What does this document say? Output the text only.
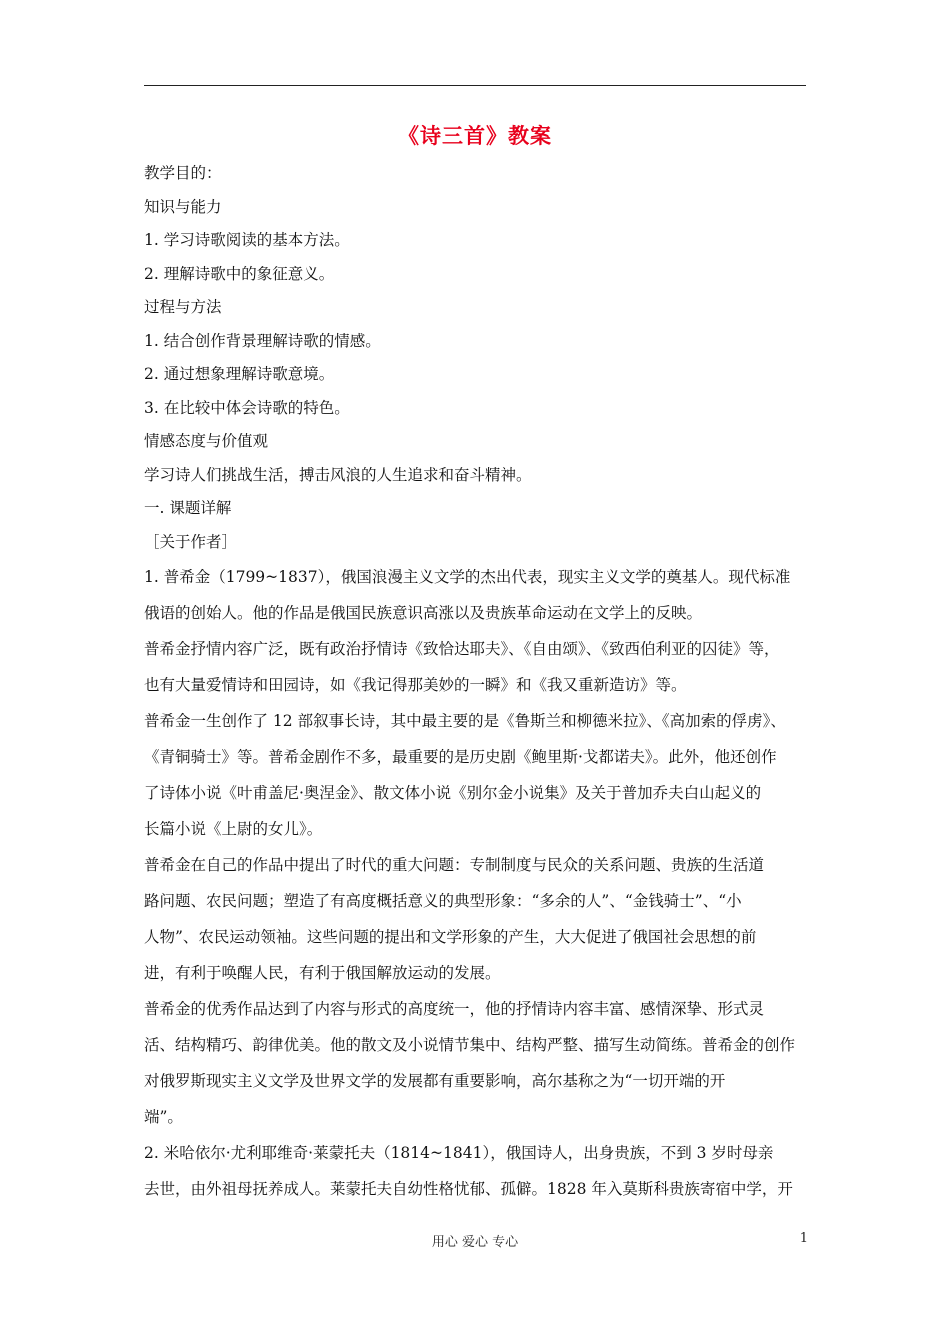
《诗三首》教案
教学目的：
知识与能力
1. 学习诗歌阅读的基本方法。
2. 理解诗歌中的象征意义。
过程与方法
1. 结合创作背景理解诗歌的情感。
2. 通过想象理解诗歌意境。
3. 在比较中体会诗歌的特色。
情感态度与价值观
学习诗人们挑战生活，搏击风浪的人生追求和奋斗精神。
一. 课题详解
［关于作者］
1. 普希金（1799~1837），俄国浪漫主义文学的杰出代表，现实主义文学的奠基人。现代标准
俄语的创始人。他的作品是俄国民族意识高涨以及贵族革命运动在文学上的反映。
普希金抒情内容广泛，既有政治抒情诗《致恰达耶夫》、《自由颂》、《致西伯利亚的囚徒》等，
也有大量爱情诗和田园诗，如《我记得那美妙的一瞬》和《我又重新造访》等。
普希金一生创作了 12 部叙事长诗，其中最主要的是《鲁斯兰和柳德米拉》、《高加索的俘虏》、
《青铜骑士》等。普希金剧作不多，最重要的是历史剧《鲍里斯·戈都诺夫》。此外，他还创作
了诗体小说《叶甫盖尼·奥涅金》、散文体小说《别尔金小说集》及关于普加乔夫白山起义的
长篇小说《上尉的女儿》。
普希金在自己的作品中提出了时代的重大问题：专制制度与民众的关系问题、贵族的生活道
路问题、农民问题；塑造了有高度概括意义的典型形象：“多余的人”、“金钱骑士”、“小
人物”、农民运动领袖。这些问题的提出和文学形象的产生，大大促进了俄国社会思想的前
进，有利于唤醒人民，有利于俄国解放运动的发展。
普希金的优秀作品达到了内容与形式的高度统一，他的抒情诗内容丰富、感情深挚、形式灵
活、结构精巧、韵律优美。他的散文及小说情节集中、结构严整、描写生动简练。普希金的创作
对俄罗斯现实主义文学及世界文学的发展都有重要影响，高尔基称之为“一切开端的开
端”。
2. 米哈依尔·尤利耶维奇·莱蒙托夫（1814~1841），俄国诗人，出身贵族，不到 3 岁时母亲
去世，由外祖母抚养成人。莱蒙托夫自幼性格忧郁、孤僻。1828 年入莫斯科贵族寄宿中学，开
用心 爱心 专心	1
